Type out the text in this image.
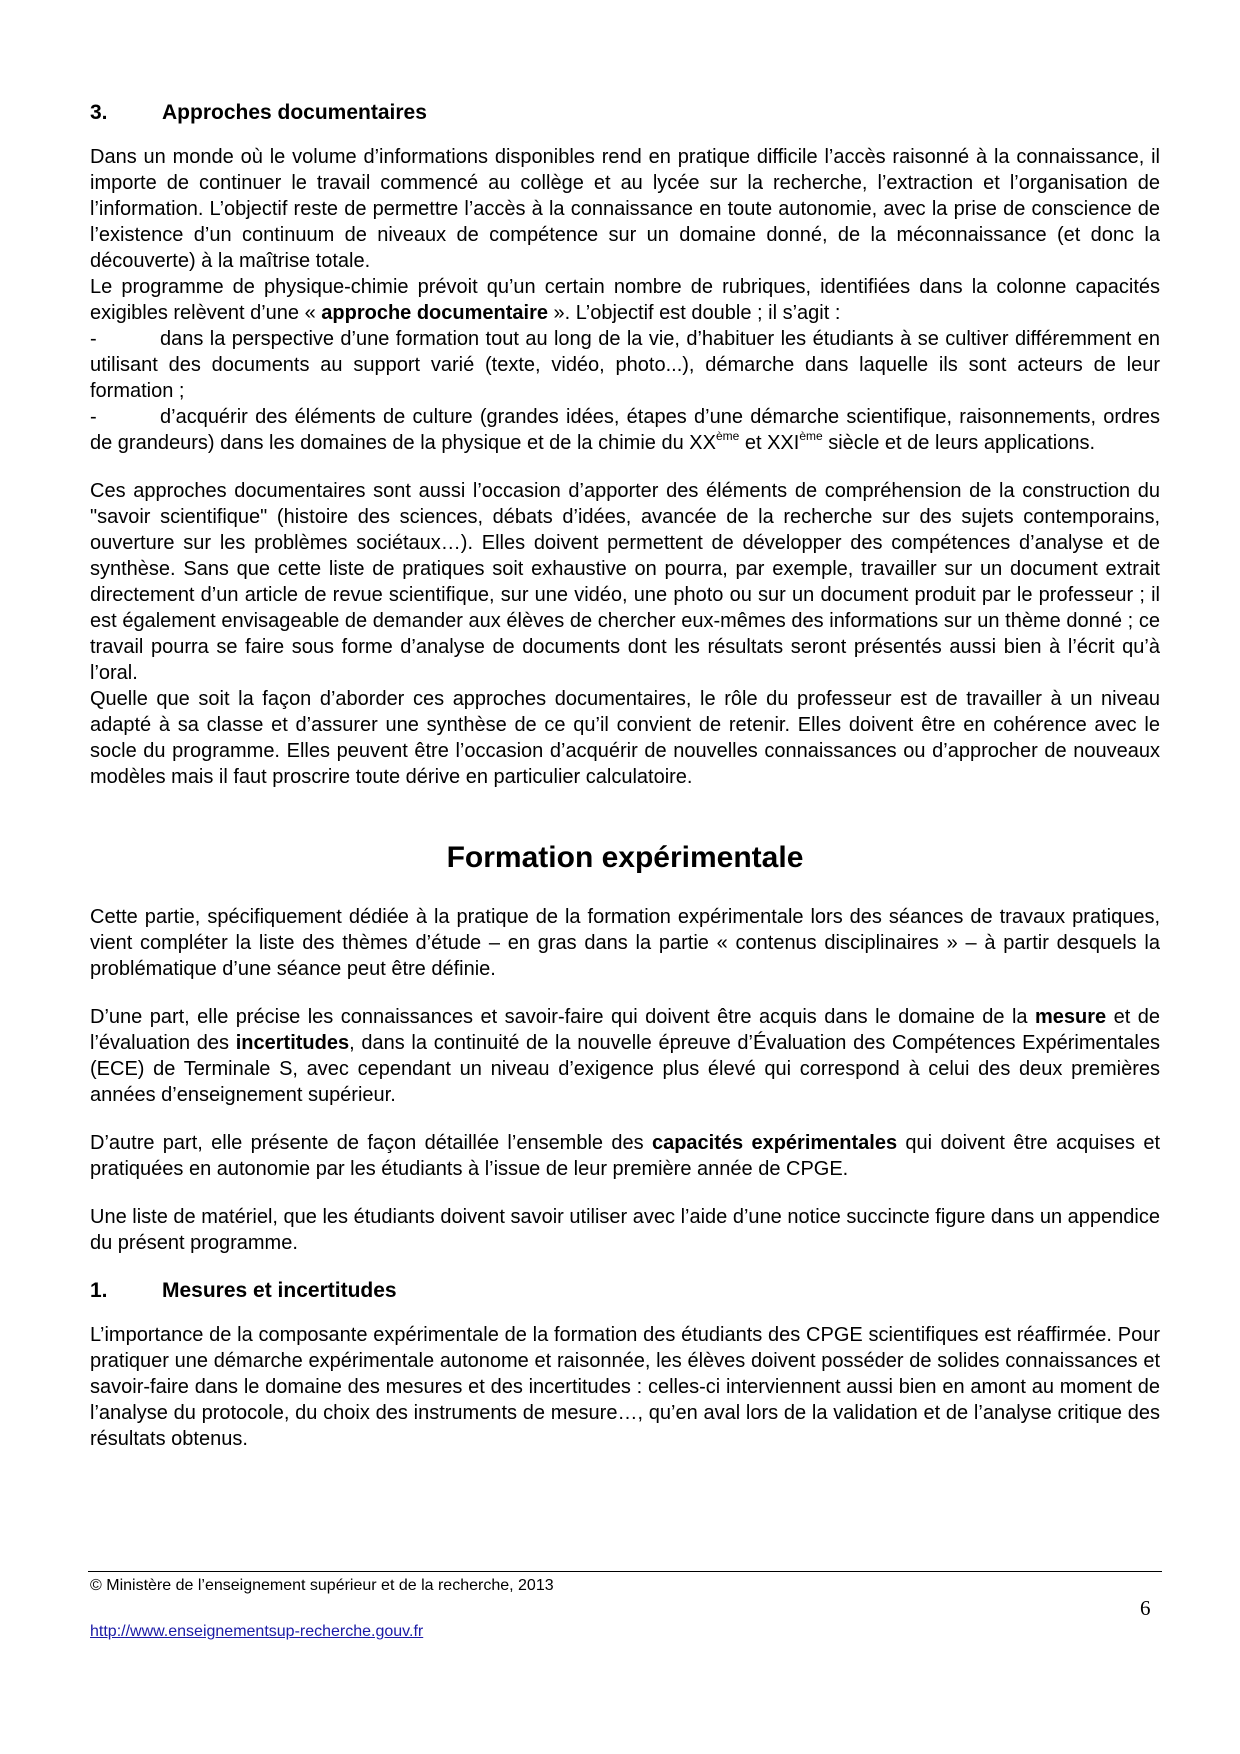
3.	Approches documentaires

Dans un monde où le volume d’informations disponibles rend en pratique difficile l’accès raisonné à la connaissance, il importe de continuer le travail commencé au collège et au lycée sur la recherche, l’extraction et l’organisation de l’information. L’objectif reste de permettre l’accès à la connaissance en toute autonomie, avec la prise de conscience de l’existence d’un continuum de niveaux de compétence sur un domaine donné, de la méconnaissance (et donc la découverte) à la maîtrise totale.

Le programme de physique-chimie prévoit qu’un certain nombre de rubriques, identifiées dans la colonne capacités exigibles relèvent d’une « approche documentaire ». L’objectif est double ; il s’agit :

-	dans la perspective d’une formation tout au long de la vie, d’habituer les étudiants à se cultiver différemment en utilisant des documents au support varié (texte, vidéo, photo...), démarche dans laquelle ils sont acteurs de leur formation ;
-	d’acquérir des éléments de culture (grandes idées, étapes d’une démarche scientifique, raisonnements, ordres de grandeurs) dans les domaines de la physique et de la chimie du XXème et XXIème siècle et de leurs applications.

Ces approches documentaires sont aussi l’occasion d’apporter des éléments de compréhension de la construction du "savoir scientifique" (histoire des sciences, débats d’idées, avancée de la recherche sur des sujets contemporains, ouverture sur les problèmes sociétaux…). Elles doivent permettent de développer des compétences d’analyse et de synthèse. Sans que cette liste de pratiques soit exhaustive on pourra, par exemple, travailler sur un document extrait directement d’un article de revue scientifique, sur une vidéo, une photo ou sur un document produit par le professeur ; il est également envisageable de demander aux élèves de chercher eux-mêmes des informations sur un thème donné ; ce travail pourra se faire sous forme d’analyse de documents dont les résultats seront présentés aussi bien à l’écrit qu’à l’oral.

Quelle que soit la façon d’aborder ces approches documentaires, le rôle du professeur est de travailler à un niveau adapté à sa classe et d’assurer une synthèse de ce qu’il convient de retenir. Elles doivent être en cohérence avec le socle du programme. Elles peuvent être l’occasion d’acquérir de nouvelles connaissances ou d’approcher de nouveaux modèles mais il faut proscrire toute dérive en particulier calculatoire.

Formation expérimentale

Cette partie, spécifiquement dédiée à la pratique de la formation expérimentale lors des séances de travaux pratiques, vient compléter la liste des thèmes d’étude – en gras dans la partie « contenus disciplinaires » – à partir desquels la problématique d’une séance peut être définie.

D’une part, elle précise les connaissances et savoir-faire qui doivent être acquis dans le domaine de la mesure et de l’évaluation des incertitudes, dans la continuité de la nouvelle épreuve d’Évaluation des Compétences Expérimentales (ECE) de Terminale S, avec cependant un niveau d’exigence plus élevé qui correspond à celui des deux premières années d’enseignement supérieur.

D’autre part, elle présente de façon détaillée l’ensemble des capacités expérimentales qui doivent être acquises et pratiquées en autonomie par les étudiants à l’issue de leur première année de CPGE.

Une liste de matériel, que les étudiants doivent savoir utiliser avec l’aide d’une notice succincte figure dans un appendice du présent programme.

1.	Mesures et incertitudes

L’importance de la composante expérimentale de la formation des étudiants des CPGE scientifiques est réaffirmée. Pour pratiquer une démarche expérimentale autonome et raisonnée, les élèves doivent posséder de solides connaissances et savoir-faire dans le domaine des mesures et des incertitudes : celles-ci interviennent aussi bien en amont au moment de l’analyse du protocole, du choix des instruments de mesure…, qu’en aval lors de la validation et de l’analyse critique des résultats obtenus.

© Ministère de l’enseignement supérieur et de la recherche, 2013
6
http://www.enseignementsup-recherche.gouv.fr
